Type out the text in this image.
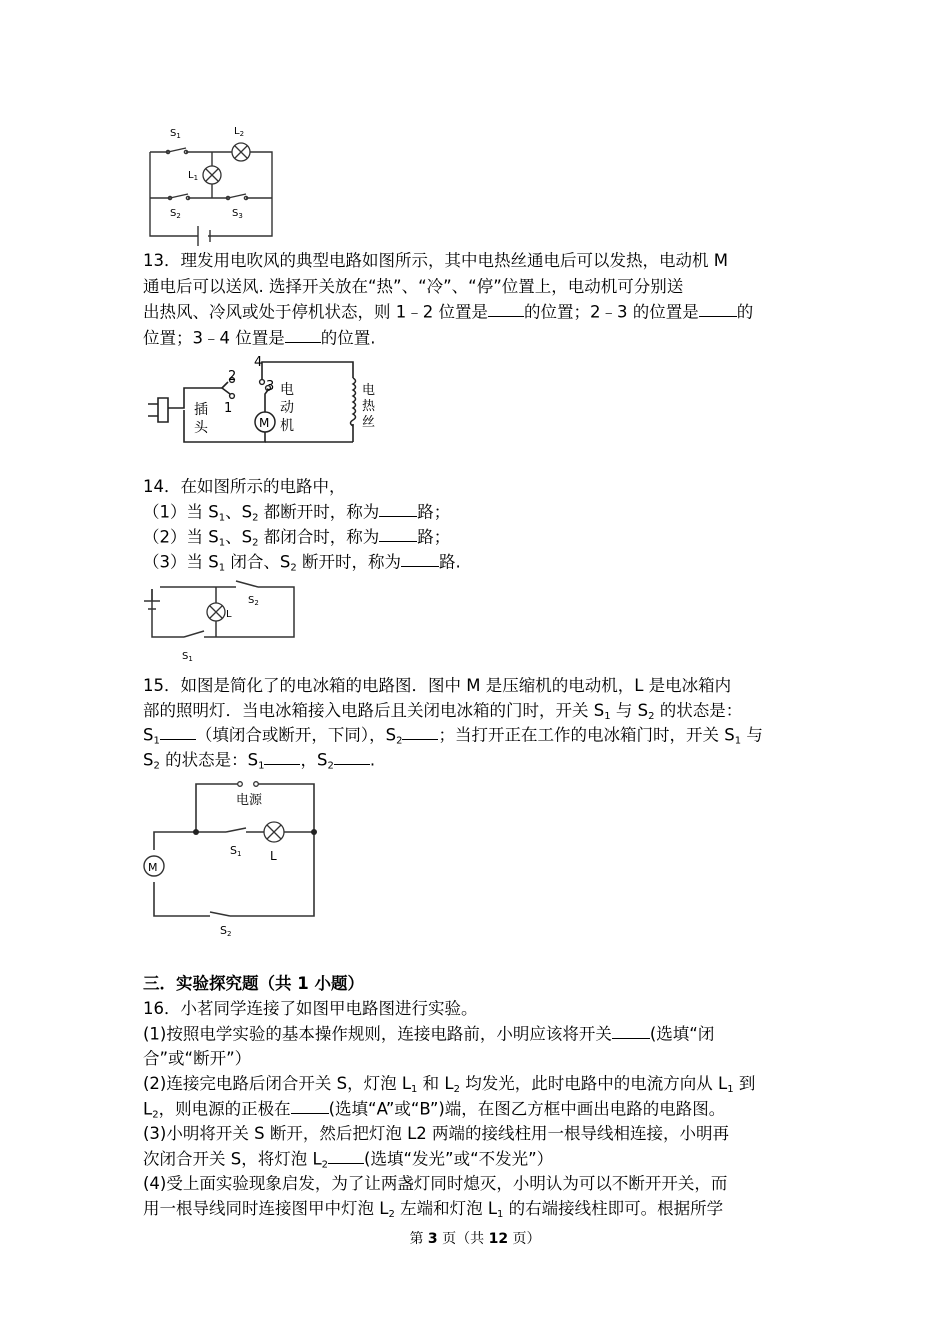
$S_1$	$L_2$
$L_1$
$S_2$	$S_3$
13．理发用电吹风的典型电路如图所示，其中电热丝通电后可以发热，电动机 M
通电后可以送风. 选择开关放在“热”、“冷”、“停”位置上，电动机可分别送
出热风、冷风或处于停机状态，则 1﹣2 位置是 的位置；2﹣3 的位置是 的
位置；3﹣4 位置是 的位置.
M
2
1
4
3
插
头
电
动
机
电
热
丝
14．在如图所示的电路中，
（1）当 $S_1$、$S_2$ 都断开时，称为 路；
（2）当 $S_1$、$S_2$ 都闭合时，称为 路；
（3）当 $S_1$ 闭合、$S_2$ 断开时，称为 路.
L
$S_2$
$S_1$
15．如图是简化了的电冰箱的电路图．图中 M 是压缩机的电动机，L 是电冰箱内
部的照明灯．当电冰箱接入电路后且关闭电冰箱的门时，开关 $S_1$ 与 $S_2$ 的状态是：
$S_1$ （填闭合或断开，下同），$S_2$ ；当打开正在工作的电冰箱门时，开关 $S_1$ 与
$S_2$ 的状态是：$S_1$ ，$S_2$ .
M
电源
S1 L
S2
三．实验探究题（共 1 小题）
16．小茗同学连接了如图甲电路图进行实验。
(1)按照电学实验的基本操作规则，连接电路前，小明应该将开关 (选填“闭
合”或“断开”）
(2)连接完电路后闭合开关 S，灯泡 $L_1$ 和 $L_2$ 均发光，此时电路中的电流方向从 $L_1$ 到
$L_2$，则电源的正极在 (选填“A”或“B”)端，在图乙方框中画出电路的电路图。
(3)小明将开关 S 断开，然后把灯泡 L2 两端的接线柱用一根导线相连接，小明再
次闭合开关 S，将灯泡 $L_2$ (选填“发光”或“不发光”）
(4)受上面实验现象启发，为了让两盏灯同时熄灭，小明认为可以不断开开关，而
用一根导线同时连接图甲中灯泡 $L_2$ 左端和灯泡 $L_1$ 的右端接线柱即可。根据所学
第 3 页（共 12 页）
